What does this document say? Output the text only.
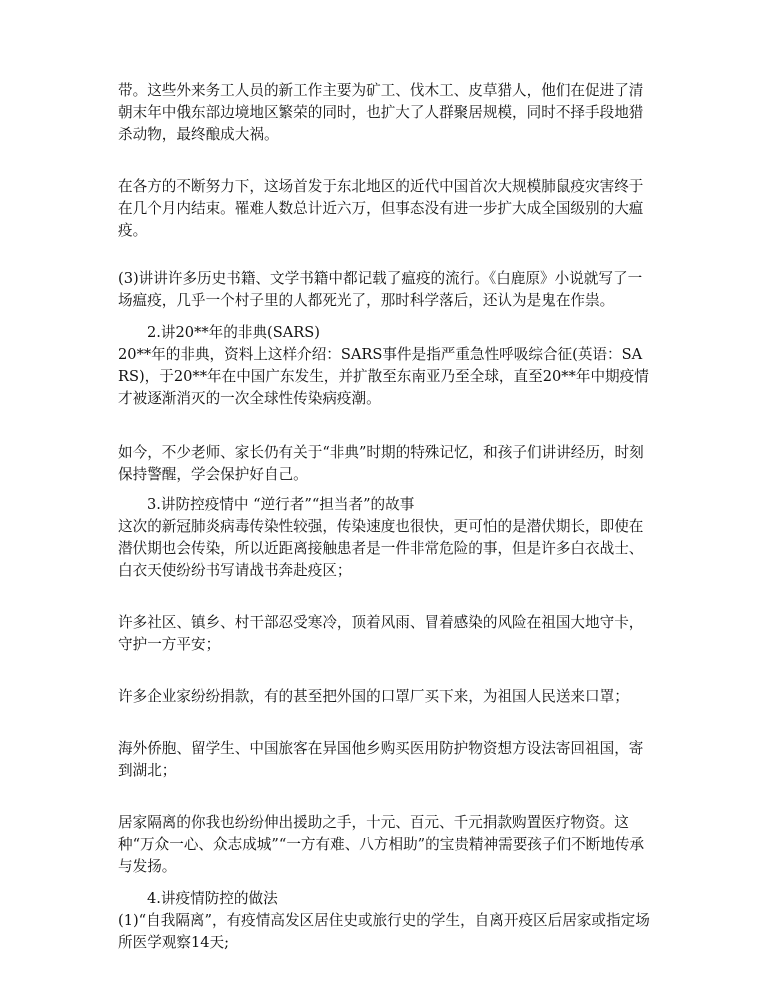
带。这些外来务工人员的新工作主要为矿工、伐木工、皮草猎人，他们在促进了清朝末年中俄东部边境地区繁荣的同时，也扩大了人群聚居规模，同时不择手段地猎杀动物，最终酿成大祸。

在各方的不断努力下，这场首发于东北地区的近代中国首次大规模肺鼠疫灾害终于在几个月内结束。罹难人数总计近六万，但事态没有进一步扩大成全国级别的大瘟疫。

(3)讲讲许多历史书籍、文学书籍中都记载了瘟疫的流行。《白鹿原》小说就写了一场瘟疫，几乎一个村子里的人都死光了，那时科学落后，还认为是鬼在作祟。

2.讲20**年的非典(SARS)

20**年的非典，资料上这样介绍：SARS事件是指严重急性呼吸综合征(英语：SARS)，于20**年在中国广东发生，并扩散至东南亚乃至全球，直至20**年中期疫情才被逐渐消灭的一次全球性传染病疫潮。

如今，不少老师、家长仍有关于“非典”时期的特殊记忆，和孩子们讲讲经历，时刻保持警醒，学会保护好自己。

3.讲防控疫情中 “逆行者”“担当者”的故事

这次的新冠肺炎病毒传染性较强，传染速度也很快，更可怕的是潜伏期长，即使在潜伏期也会传染，所以近距离接触患者是一件非常危险的事，但是许多白衣战士、白衣天使纷纷书写请战书奔赴疫区；

许多社区、镇乡、村干部忍受寒冷，顶着风雨、冒着感染的风险在祖国大地守卡，守护一方平安；

许多企业家纷纷捐款，有的甚至把外国的口罩厂买下来，为祖国人民送来口罩；

海外侨胞、留学生、中国旅客在异国他乡购买医用防护物资想方设法寄回祖国，寄到湖北；

居家隔离的你我也纷纷伸出援助之手，十元、百元、千元捐款购置医疗物资。这种“万众一心、众志成城”“一方有难、八方相助”的宝贵精神需要孩子们不断地传承与发扬。

4.讲疫情防控的做法

(1)“自我隔离”，有疫情高发区居住史或旅行史的学生，自离开疫区后居家或指定场所医学观察14天;
